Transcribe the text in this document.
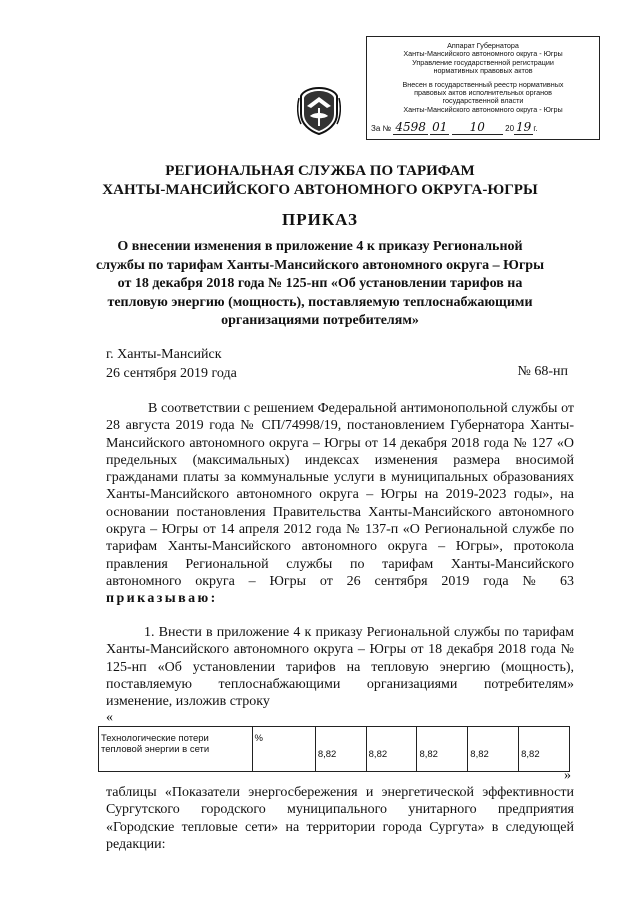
Аппарат Губернатора
Ханты-Мансийского автономного округа - Югры
Управление государственной регистрации
нормативных правовых актов
Внесен в государственный реестр нормативных
правовых актов исполнительных органов
государственной власти
Ханты-Мансийского автономного округа - Югры
За № 4598 01 10	20 19 г.
РЕГИОНАЛЬНАЯ СЛУЖБА ПО ТАРИФАМ
ХАНТЫ-МАНСИЙСКОГО АВТОНОМНОГО ОКРУГА-ЮГРЫ
ПРИКАЗ
О внесении изменения в приложение 4 к приказу Региональной
службы по тарифам Ханты-Мансийского автономного округа – Югры
от 18 декабря 2018 года № 125-нп «Об установлении тарифов на
тепловую энергию (мощность), поставляемую теплоснабжающими
организациями потребителям»
г. Ханты-Мансийск
26 сентября 2019 года	№ 68-нп

В соответствии с решением Федеральной антимонопольной службы от 28 августа 2019 года № СП/74998/19, постановлением Губернатора Ханты-Мансийского автономного округа – Югры от 14 декабря 2018 года № 127 «О предельных (максимальных) индексах изменения размера вносимой гражданами платы за коммунальные услуги в муниципальных образованиях Ханты-Мансийского автономного округа – Югры на 2019-2023 годы», на основании постановления Правительства Ханты-Мансийского автономного округа – Югры от 14 апреля 2012 года № 137-п «О Региональной службе по тарифам Ханты-Мансийского автономного округа – Югры», протокола правления Региональной службы по тарифам Ханты-Мансийского автономного округа – Югры от 26 сентября 2019 года № 63 приказываю:

1. Внести в приложение 4 к приказу Региональной службы по тарифам Ханты-Мансийского автономного округа – Югры от 18 декабря 2018 года № 125-нп «Об установлении тарифов на тепловую энергию (мощность), поставляемую теплоснабжающими организациями потребителям» изменение, изложив строку

«
Технологические потери тепловой энергии в сети	%	8,82	8,82	8,82	8,82	8,82
»

таблицы «Показатели энергосбережения и энергетической эффективности Сургутского городского муниципального унитарного предприятия «Городские тепловые сети» на территории города Сургута» в следующей редакции:
